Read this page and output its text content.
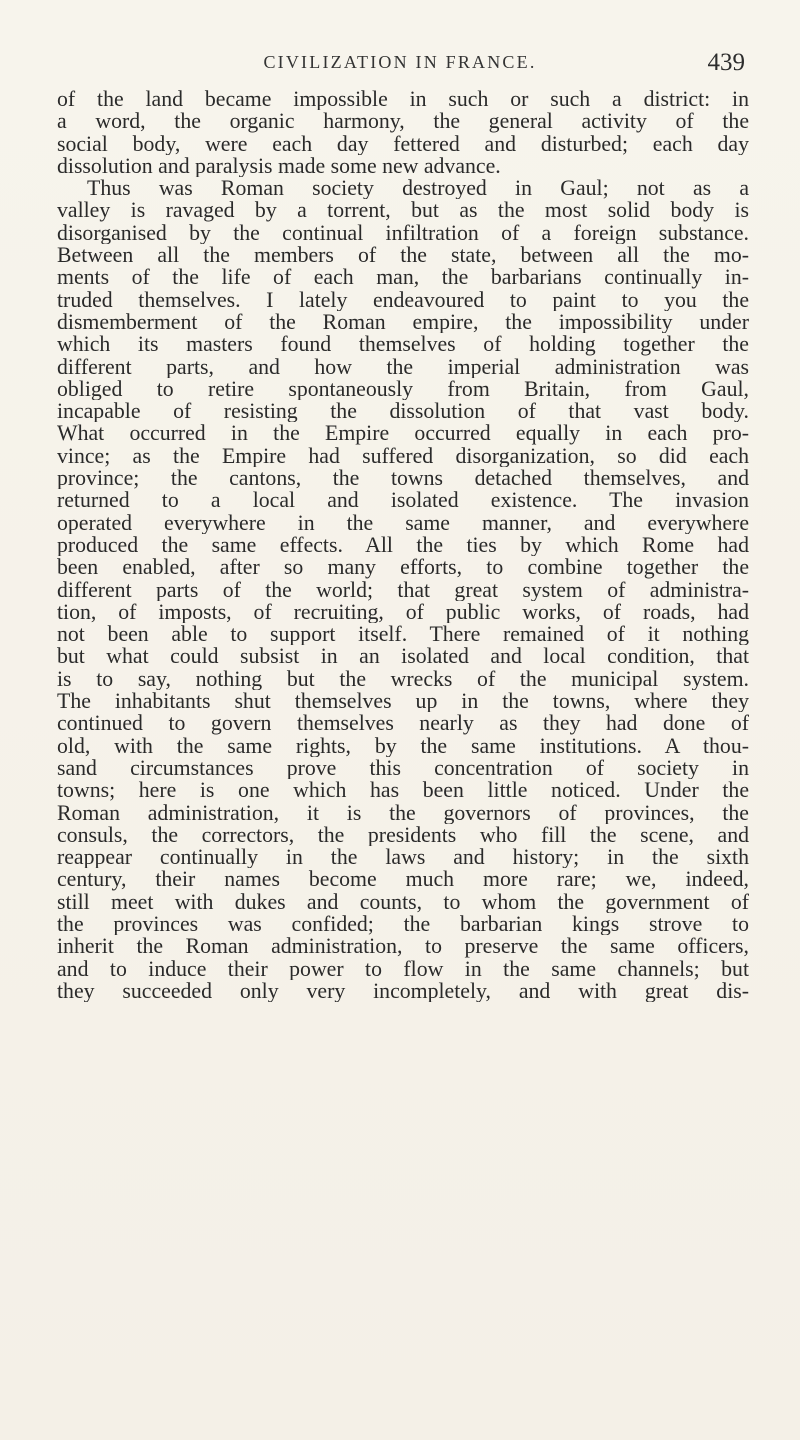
CIVILIZATION IN FRANCE.	439

of the land became impossible in such or such a district: in

a word, the organic harmony, the general activity of the

social body, were each day fettered and disturbed; each day

dissolution and paralysis made some new advance.

Thus was Roman society destroyed in Gaul; not as a

valley is ravaged by a torrent, but as the most solid body is

disorganised by the continual infiltration of a foreign substance.

Between all the members of the state, between all the mo-

ments of the life of each man, the barbarians continually in-

truded themselves. I lately endeavoured to paint to you the

dismemberment of the Roman empire, the impossibility under

which its masters found themselves of holding together the

different parts, and how the imperial administration was

obliged to retire spontaneously from Britain, from Gaul,

incapable of resisting the dissolution of that vast body.

What occurred in the Empire occurred equally in each pro-

vince; as the Empire had suffered disorganization, so did each

province; the cantons, the towns detached themselves, and

returned to a local and isolated existence. The invasion

operated everywhere in the same manner, and everywhere

produced the same effects. All the ties by which Rome had

been enabled, after so many efforts, to combine together the

different parts of the world; that great system of administra-

tion, of imposts, of recruiting, of public works, of roads, had

not been able to support itself. There remained of it nothing

but what could subsist in an isolated and local condition, that

is to say, nothing but the wrecks of the municipal system.

The inhabitants shut themselves up in the towns, where they

continued to govern themselves nearly as they had done of

old, with the same rights, by the same institutions. A thou-

sand circumstances prove this concentration of society in

towns; here is one which has been little noticed. Under the

Roman administration, it is the governors of provinces, the

consuls, the correctors, the presidents who fill the scene, and

reappear continually in the laws and history; in the sixth

century, their names become much more rare; we, indeed,

still meet with dukes and counts, to whom the government of

the provinces was confided; the barbarian kings strove to

inherit the Roman administration, to preserve the same officers,

and to induce their power to flow in the same channels; but

they succeeded only very incompletely, and with great dis-
